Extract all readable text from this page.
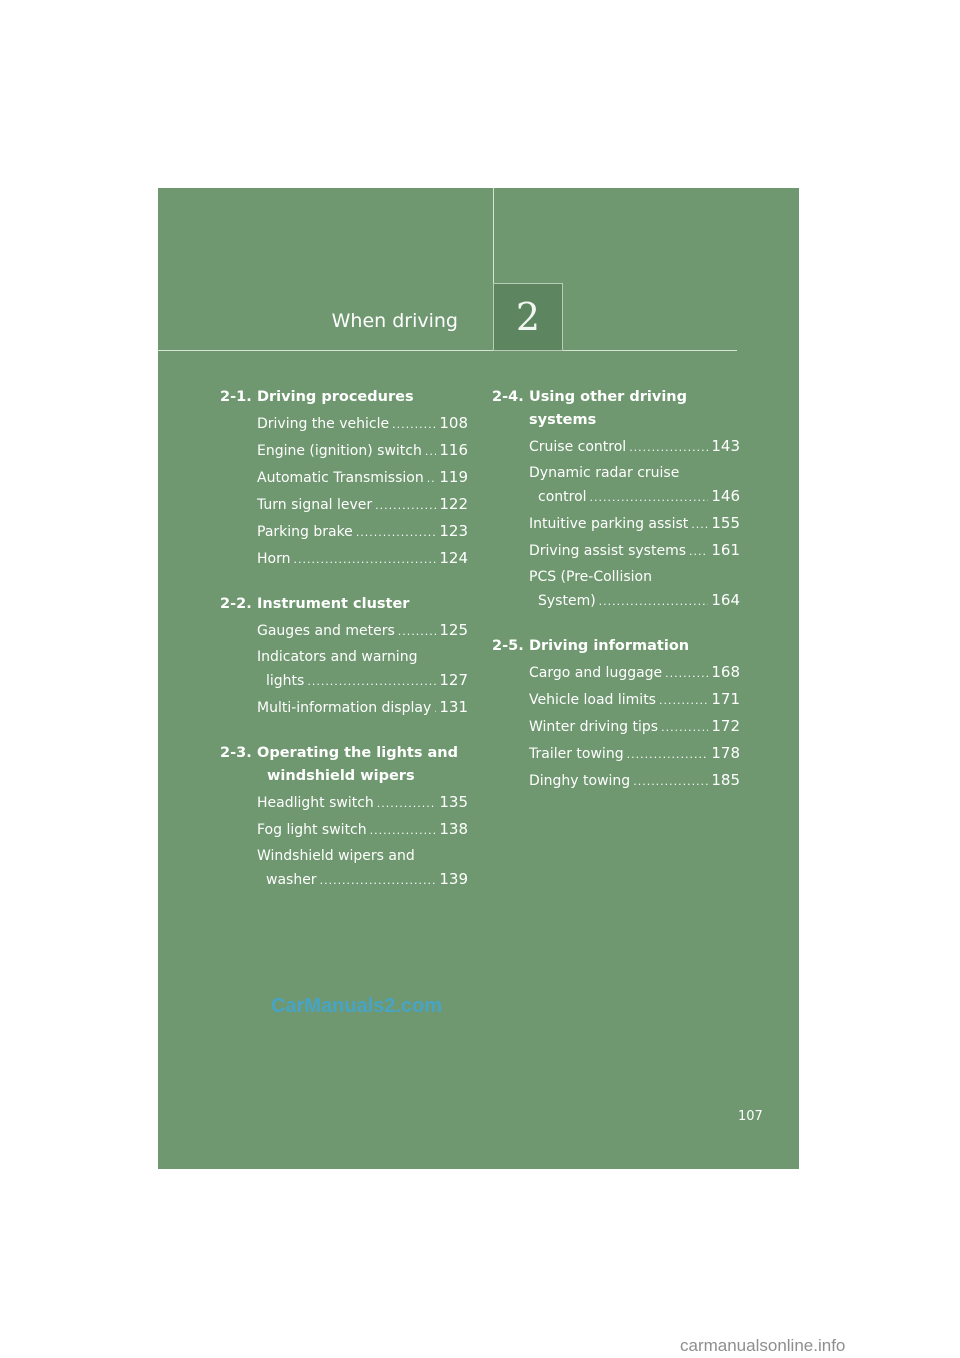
When driving	2
2-1. Driving procedures
Driving the vehicle .....	108
Engine (ignition) switch ..... 116
Automatic Transmission ..... 119
Turn signal lever .....	122
Parking brake .....	123
Horn .....	124
2-2. Instrument cluster
Gauges and meters .....	125
Indicators and warning
lights .....	127
Multi-information display ..... 131
2-3. Operating the lights and
windshield wipers
Headlight switch .....	135
Fog light switch .....	138
Windshield wipers and
washer .....	139
2-4. Using other driving systems
Cruise control .....	143
Dynamic radar cruise
control .....	146
Intuitive parking assist ..... 155
Driving assist systems ..... 161
PCS (Pre-Collision
System) .....	164
2-5. Driving information
Cargo and luggage .....	168
Vehicle load limits .....	171
Winter driving tips .....	172
Trailer towing .....	178
Dinghy towing .....	185
CarManuals2.com
107
carmanualsonline.info
